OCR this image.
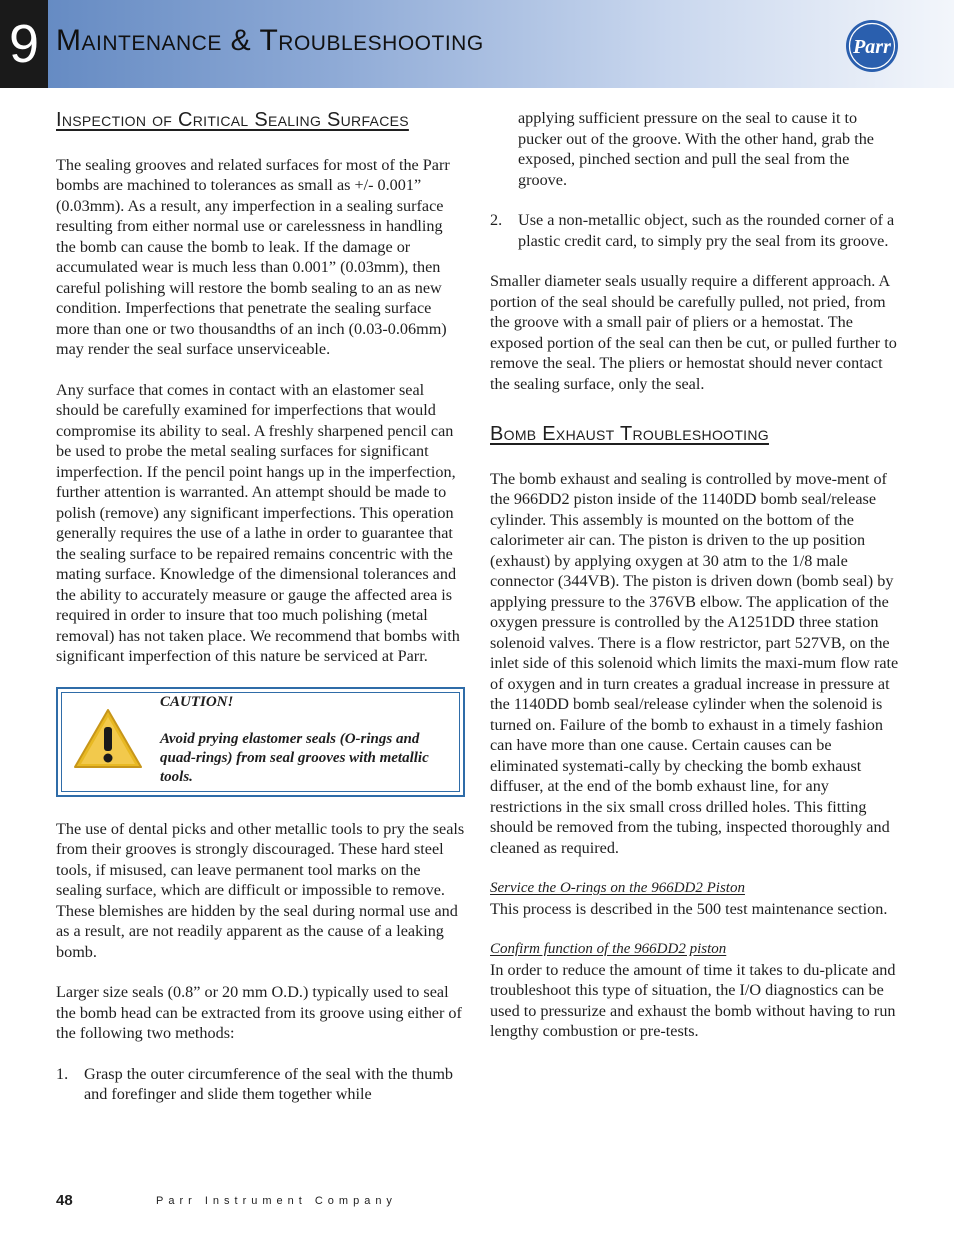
9 Maintenance & Troubleshooting	Parr
Inspection of Critical Sealing Surfaces

The sealing grooves and related surfaces for most of the Parr bombs are machined to tolerances as small as +/- 0.001” (0.03mm). As a result, any imperfection in a sealing surface resulting from either normal use or carelessness in handling the bomb can cause the bomb to leak. If the damage or accumulated wear is much less than 0.001” (0.03mm), then careful polishing will restore the bomb sealing to an as new condition. Imperfections that penetrate the sealing surface more than one or two thousandths of an inch (0.03-0.06mm) may render the seal surface unserviceable.

Any surface that comes in contact with an elastomer seal should be carefully examined for imperfections that would compromise its ability to seal. A freshly sharpened pencil can be used to probe the metal sealing surfaces for significant imperfection. If the pencil point hangs up in the imperfection, further attention is warranted. An attempt should be made to polish (remove) any significant imperfections. This operation generally requires the use of a lathe in order to guarantee that the sealing surface to be repaired remains concentric with the mating surface. Knowledge of the dimensional tolerances and the ability to accurately measure or gauge the affected area is required in order to insure that too much polishing (metal removal) has not taken place. We recommend that bombs with significant imperfection of this nature be serviced at Parr.

CAUTION!
Avoid prying elastomer seals (O-rings and quad-rings) from seal grooves with metallic tools.

The use of dental picks and other metallic tools to pry the seals from their grooves is strongly discouraged. These hard steel tools, if misused, can leave permanent tool marks on the sealing surface, which are difficult or impossible to remove. These blemishes are hidden by the seal during normal use and as a result, are not readily apparent as the cause of a leaking bomb.

Larger size seals (0.8” or 20 mm O.D.) typically used to seal the bomb head can be extracted from its groove using either of the following two methods:

1. Grasp the outer circumference of the seal with the thumb and forefinger and slide them together while

applying sufficient pressure on the seal to cause it to pucker out of the groove. With the other hand, grab the exposed, pinched section and pull the seal from the groove.

2. Use a non-metallic object, such as the rounded corner of a plastic credit card, to simply pry the seal from its groove.

Smaller diameter seals usually require a different approach. A portion of the seal should be carefully pulled, not pried, from the groove with a small pair of pliers or a hemostat. The exposed portion of the seal can then be cut, or pulled further to remove the seal. The pliers or hemostat should never contact the sealing surface, only the seal.

Bomb Exhaust Troubleshooting

The bomb exhaust and sealing is controlled by move-ment of the 966DD2 piston inside of the 1140DD bomb seal/release cylinder. This assembly is mounted on the bottom of the calorimeter air can. The piston is driven to the up position (exhaust) by applying oxygen at 30 atm to the 1/8 male connector (344VB). The piston is driven down (bomb seal) by applying pressure to the 376VB elbow. The application of the oxygen pressure is controlled by the A1251DD three station solenoid valves. There is a flow restrictor, part 527VB, on the inlet side of this solenoid which limits the maxi-mum flow rate of oxygen and in turn creates a gradual increase in pressure at the 1140DD bomb seal/release cylinder when the solenoid is turned on. Failure of the bomb to exhaust in a timely fashion can have more than one cause. Certain causes can be eliminated systemati-cally by checking the bomb exhaust diffuser, at the end of the bomb exhaust line, for any restrictions in the six small cross drilled holes. This fitting should be removed from the tubing, inspected thoroughly and cleaned as required.

Service the O-rings on the 966DD2 Piston

This process is described in the 500 test maintenance section.

Confirm function of the 966DD2 piston

In order to reduce the amount of time it takes to du-plicate and troubleshoot this type of situation, the I/O diagnostics can be used to pressurize and exhaust the bomb without having to run lengthy combustion or pre-tests.

48	Parr Instrument Company
